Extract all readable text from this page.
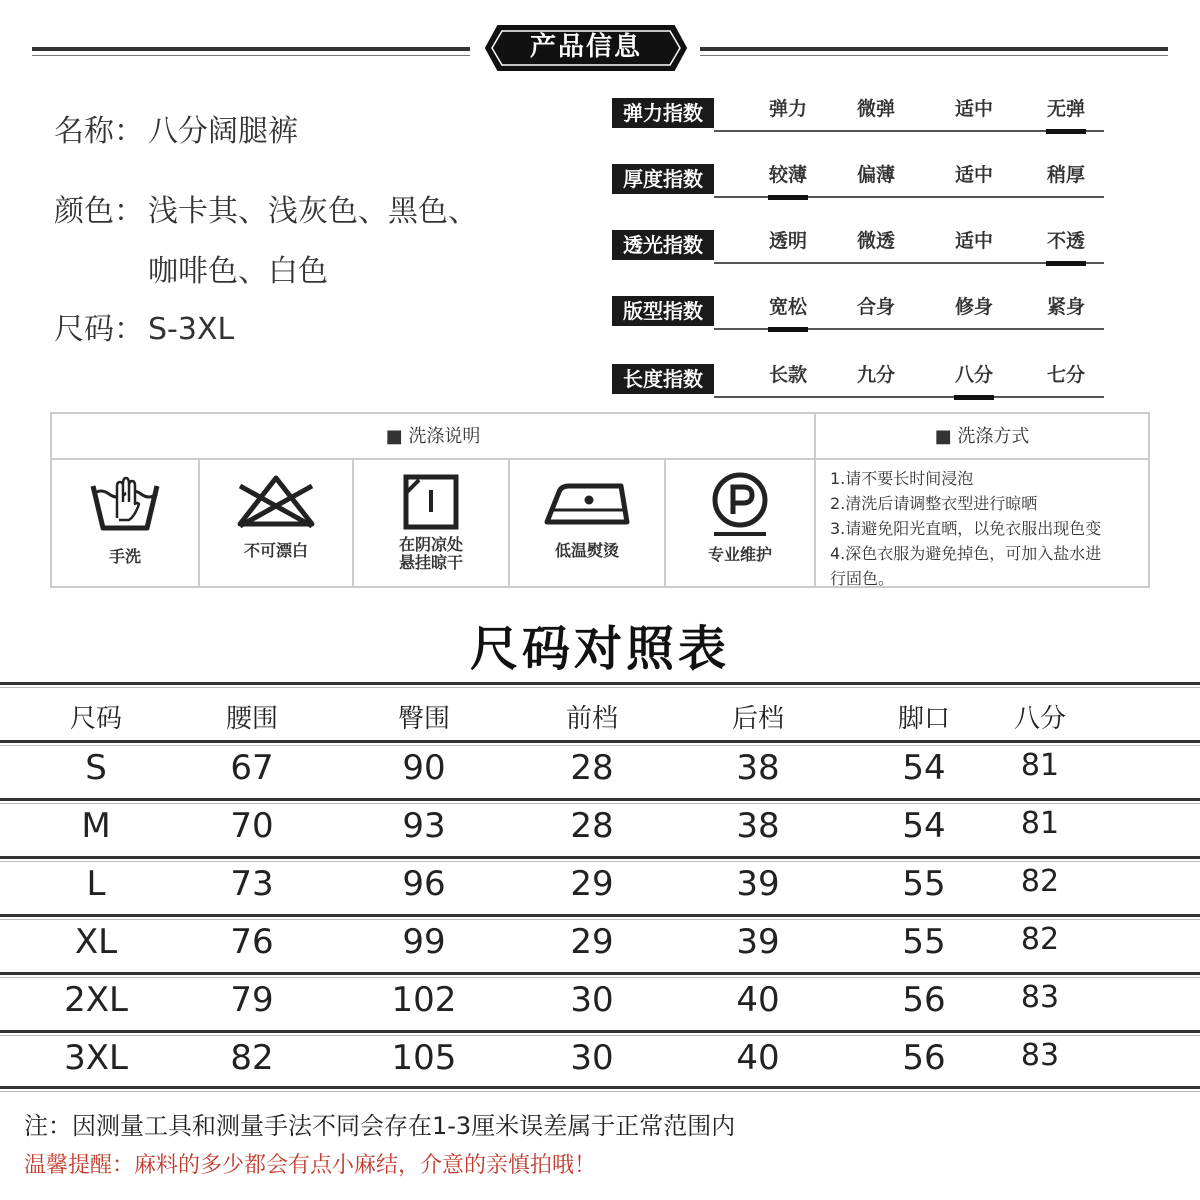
产品信息
名称： 八分阔腿裤
颜色： 浅卡其、浅灰色、黑色、
咖啡色、白色
尺码： S-3XL
弹力指数	弹力	微弹	适中	无弹
厚度指数	较薄	偏薄	适中	稍厚
透光指数	透明	微透	适中	不透
版型指数	宽松	合身	修身	紧身
长度指数	长款	九分	八分	七分
■ 洗涤说明	■ 洗涤方式
手洗	不可漂白	在阴凉处
悬挂晾干
低温熨烫	专业维护
1.请不要长时间浸泡
2.清洗后请调整衣型进行晾晒
3.请避免阳光直晒，以免衣服出现色变
4.深色衣服为避免掉色，可加入盐水进
行固色。
尺码对照表
尺码	腰围	臀围	前档	后档	脚口	八分
S	67	90	28	38	54	81
M	70	93	28	38	54	81
L	73	96	29	39	55	82
XL	76	99	29	39	55	82
2XL	79	102	30	40	56	83
3XL	82	105	30	40	56	83
注：因测量工具和测量手法不同会存在1-3厘米误差属于正常范围内
温馨提醒：麻料的多少都会有点小麻结，介意的亲慎拍哦！
